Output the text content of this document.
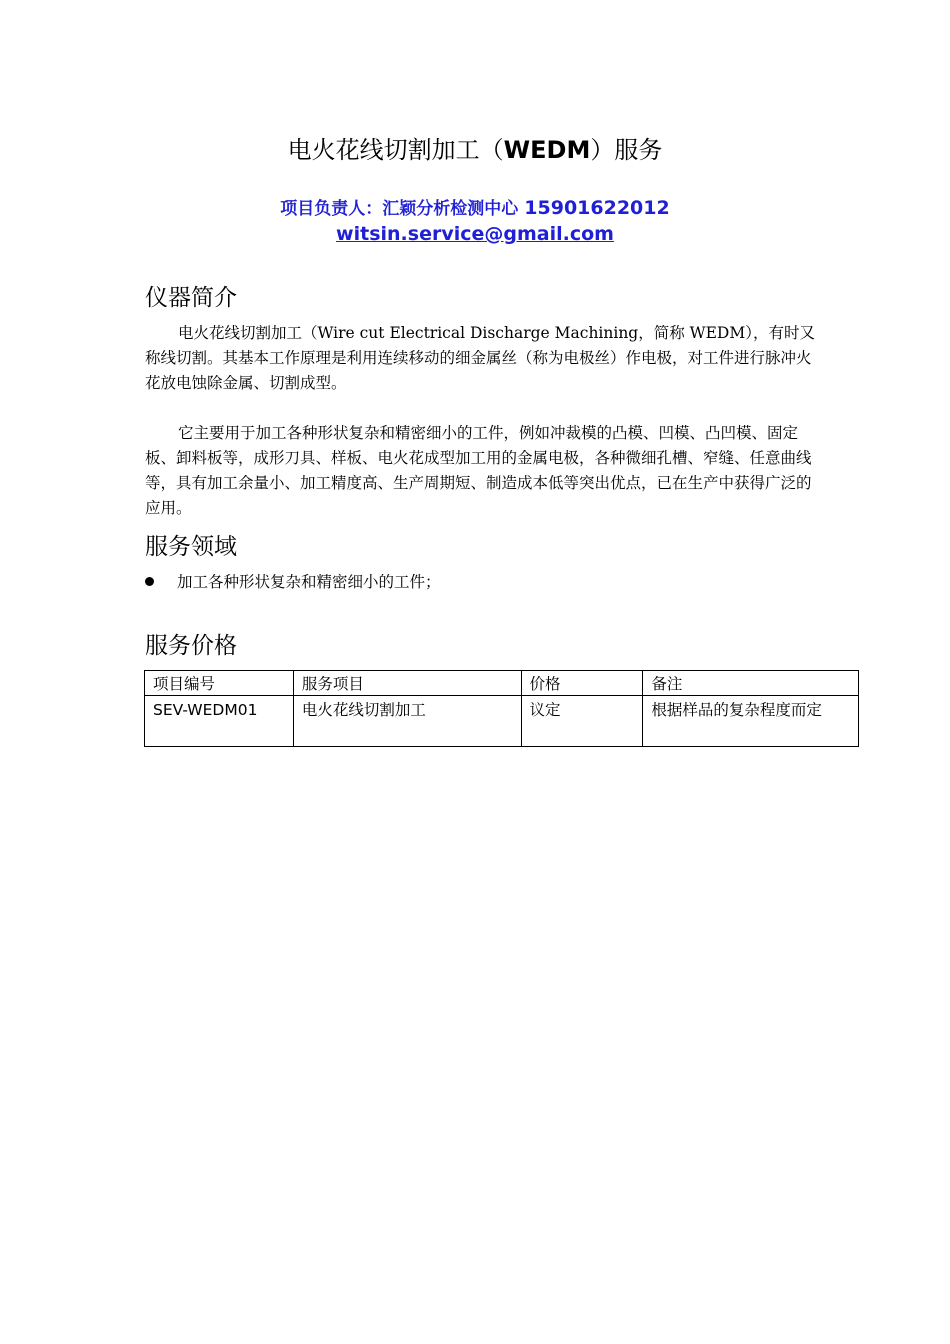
电火花线切割加工（WEDM）服务
项目负责人：汇颖分析检测中心 15901622012
witsin.service@gmail.com
仪器简介

电火花线切割加工（Wire cut Electrical Discharge Machining，简称 WEDM），有时又称线切割。其基本工作原理是利用连续移动的细金属丝（称为电极丝）作电极，对工件进行脉冲火花放电蚀除金属、切割成型。

它主要用于加工各种形状复杂和精密细小的工件，例如冲裁模的凸模、凹模、凸凹模、固定板、卸料板等，成形刀具、样板、电火花成型加工用的金属电极，各种微细孔槽、窄缝、任意曲线等，具有加工余量小、加工精度高、生产周期短、制造成本低等突出优点，已在生产中获得广泛的应用。

服务领域
加工各种形状复杂和精密细小的工件；
服务价格
项目编号	服务项目	价格	备注
SEV-WEDM01	电火花线切割加工	议定	根据样品的复杂程度而定
